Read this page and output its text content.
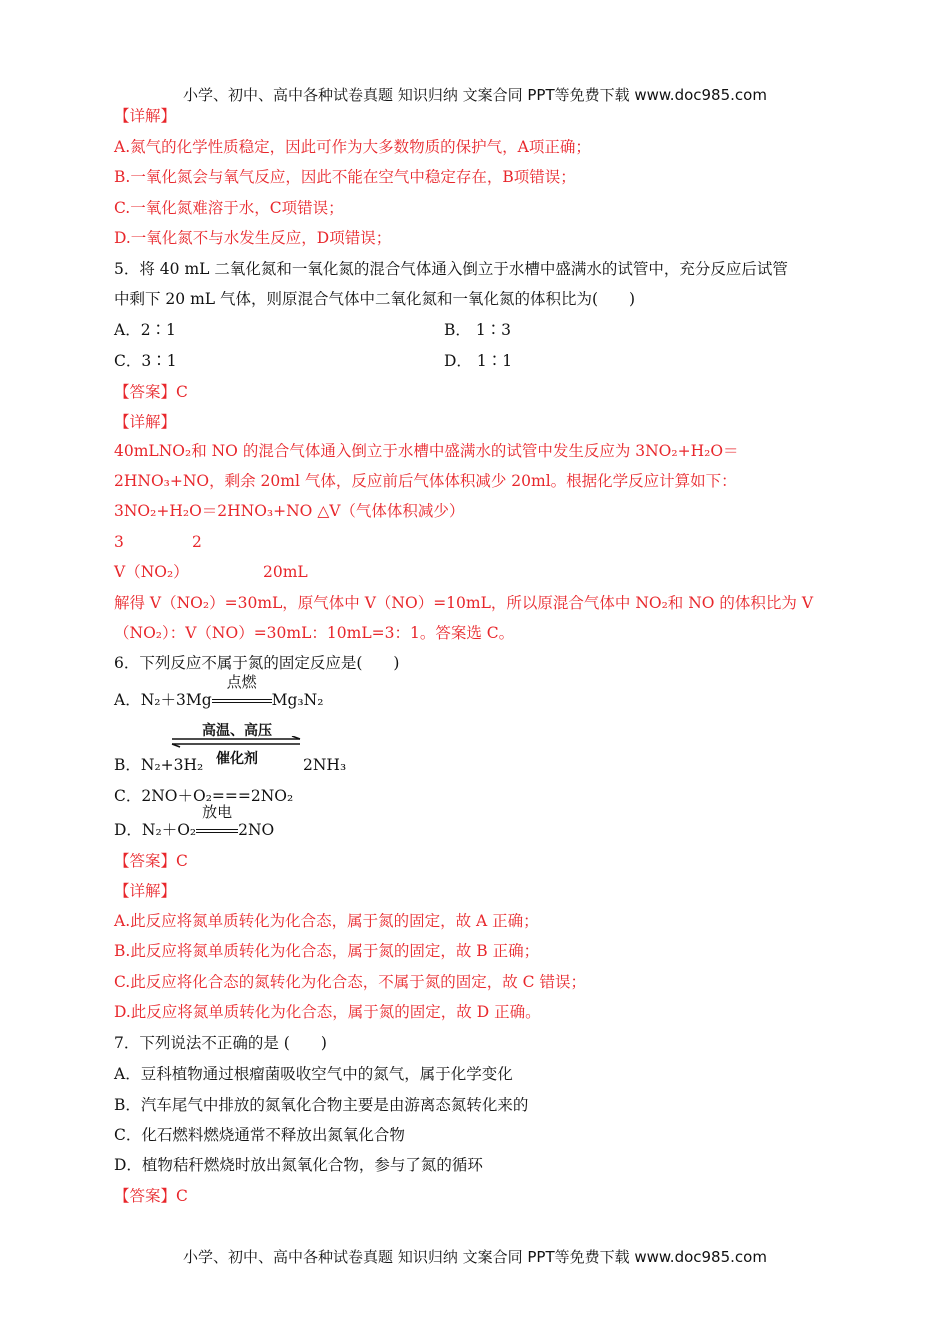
小学、初中、高中各种试卷真题 知识归纳 文案合同 PPT等免费下载 www.doc985.com
【详解】
A.氮气的化学性质稳定，因此可作为大多数物质的保护气，A项正确；
B.一氧化氮会与氧气反应，因此不能在空气中稳定存在，B项错误；
C.一氧化氮难溶于水，C项错误；
D.一氧化氮不与水发生反应，D项错误；
5．将 40 mL 二氧化氮和一氧化氮的混合气体通入倒立于水槽中盛满水的试管中，充分反应后试管
中剩下 20 mL 气体，则原混合气体中二氧化氮和一氧化氮的体积比为(　　)
A．2∶1	B． 1∶3
C．3∶1	D． 1∶1
【答案】C
【详解】
40mLNO₂和 NO 的混合气体通入倒立于水槽中盛满水的试管中发生反应为 3NO₂+H₂O＝
2HNO₃+NO，剩余 20ml 气体，反应前后气体体积减少 20ml。根据化学反应计算如下：
3NO₂+H₂O＝2HNO₃+NO △V（气体体积减少）
3	2
V（NO₂）	20mL
解得 V（NO₂）=30mL，原气体中 V（NO）=10mL，所以原混合气体中 NO₂和 NO 的体积比为 V
（NO₂）：V（NO）=30mL：10mL=3：1。答案选 C。
6．下列反应不属于氮的固定反应是(　　)
A．N₂＋3Mg
点燃
Mg₃N₂
高温、高压
催化剂
B．N₂+3H₂	2NH₃
C．2NO＋O₂===2NO₂
D．N₂＋O₂
放电
2NO
【答案】C
【详解】
A.此反应将氮单质转化为化合态，属于氮的固定，故 A 正确；
B.此反应将氮单质转化为化合态，属于氮的固定，故 B 正确；
C.此反应将化合态的氮转化为化合态，不属于氮的固定，故 C 错误；
D.此反应将氮单质转化为化合态，属于氮的固定，故 D 正确。
7．下列说法不正确的是 (　　)
A．豆科植物通过根瘤菌吸收空气中的氮气，属于化学变化
B．汽车尾气中排放的氮氧化合物主要是由游离态氮转化来的
C．化石燃料燃烧通常不释放出氮氧化合物
D．植物秸秆燃烧时放出氮氧化合物，参与了氮的循环
【答案】C
小学、初中、高中各种试卷真题 知识归纳 文案合同 PPT等免费下载 www.doc985.com
